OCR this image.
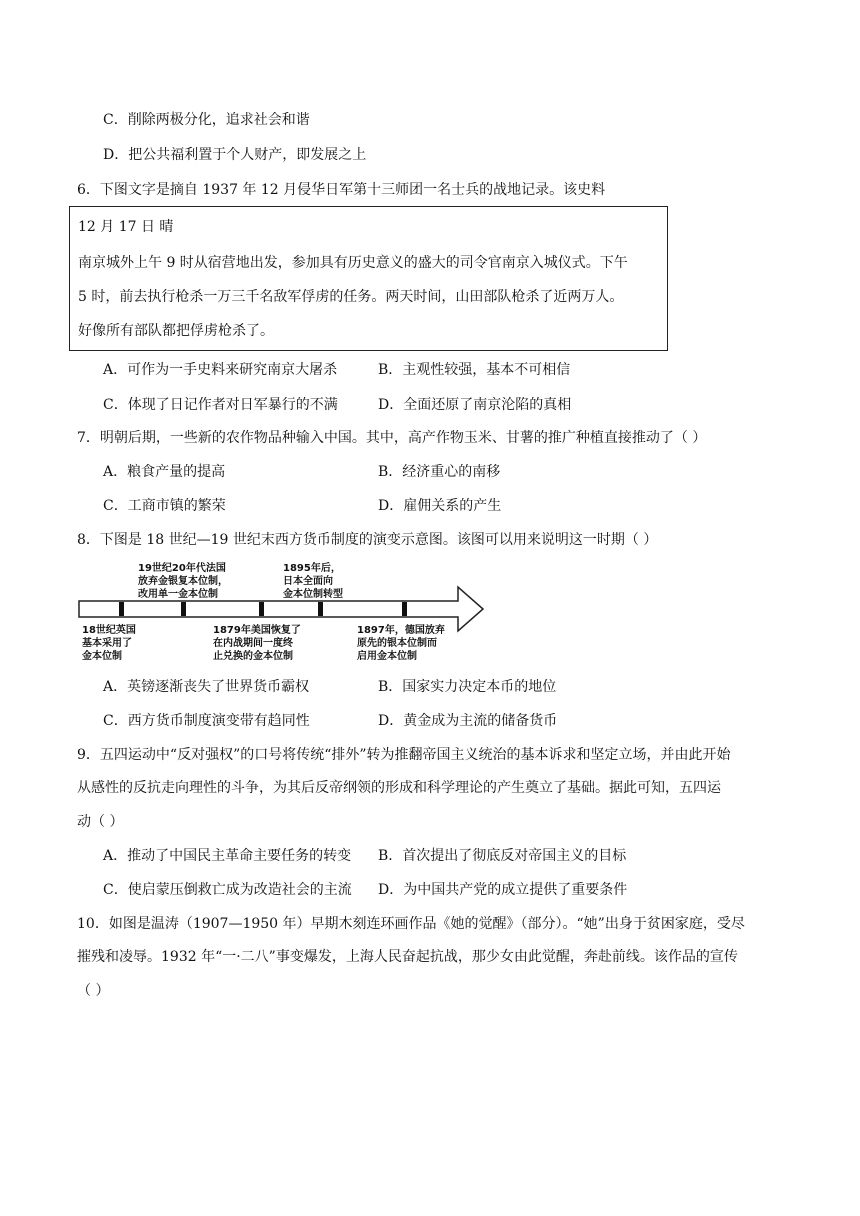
C．削除两极分化，追求社会和谐
D．把公共福利置于个人财产，即发展之上
6．下图文字是摘自 1937 年 12 月侵华日军第十三师团一名士兵的战地记录。该史料
12 月 17 日 晴
南京城外上午 9 时从宿营地出发，参加具有历史意义的盛大的司令官南京入城仪式。下午
5 时，前去执行枪杀一万三千名敌军俘虏的任务。两天时间，山田部队枪杀了近两万人。
好像所有部队都把俘虏枪杀了。
A．可作为一手史料来研究南京大屠杀	B．主观性较强，基本不可相信
C．体现了日记作者对日军暴行的不满	D．全面还原了南京沦陷的真相
7．明朝后期，一些新的农作物品种输入中国。其中，高产作物玉米、甘薯的推广种植直接推动了（ ）
A．粮食产量的提高	B．经济重心的南移
C．工商市镇的繁荣	D．雇佣关系的产生
8．下图是 18 世纪—19 世纪末西方货币制度的演变示意图。该图可以用来说明这一时期（ ）
19世纪20年代法国
放弃金银复本位制，
改用单一金本位制
1895年后，
日本全面向
金本位制转型
18世纪英国
基本采用了
金本位制
1879年美国恢复了
在内战期间一度终
止兑换的金本位制
1897年，德国放弃
原先的银本位制而
启用金本位制
A．英镑逐渐丧失了世界货币霸权	B．国家实力决定本币的地位
C．西方货币制度演变带有趋同性	D．黄金成为主流的储备货币
9．五四运动中“反对强权”的口号将传统“排外”转为推翻帝国主义统治的基本诉求和坚定立场，并由此开始
从感性的反抗走向理性的斗争，为其后反帝纲领的形成和科学理论的产生奠立了基础。据此可知，五四运
动（ ）
A．推动了中国民主革命主要任务的转变 B．首次提出了彻底反对帝国主义的目标
C．使启蒙压倒救亡成为改造社会的主流 D．为中国共产党的成立提供了重要条件
10．如图是温涛（1907—1950 年）早期木刻连环画作品《她的觉醒》（部分）。“她”出身于贫困家庭，受尽
摧残和凌辱。1932 年“一·二八”事变爆发，上海人民奋起抗战，那少女由此觉醒，奔赴前线。该作品的宣传
（ ）
